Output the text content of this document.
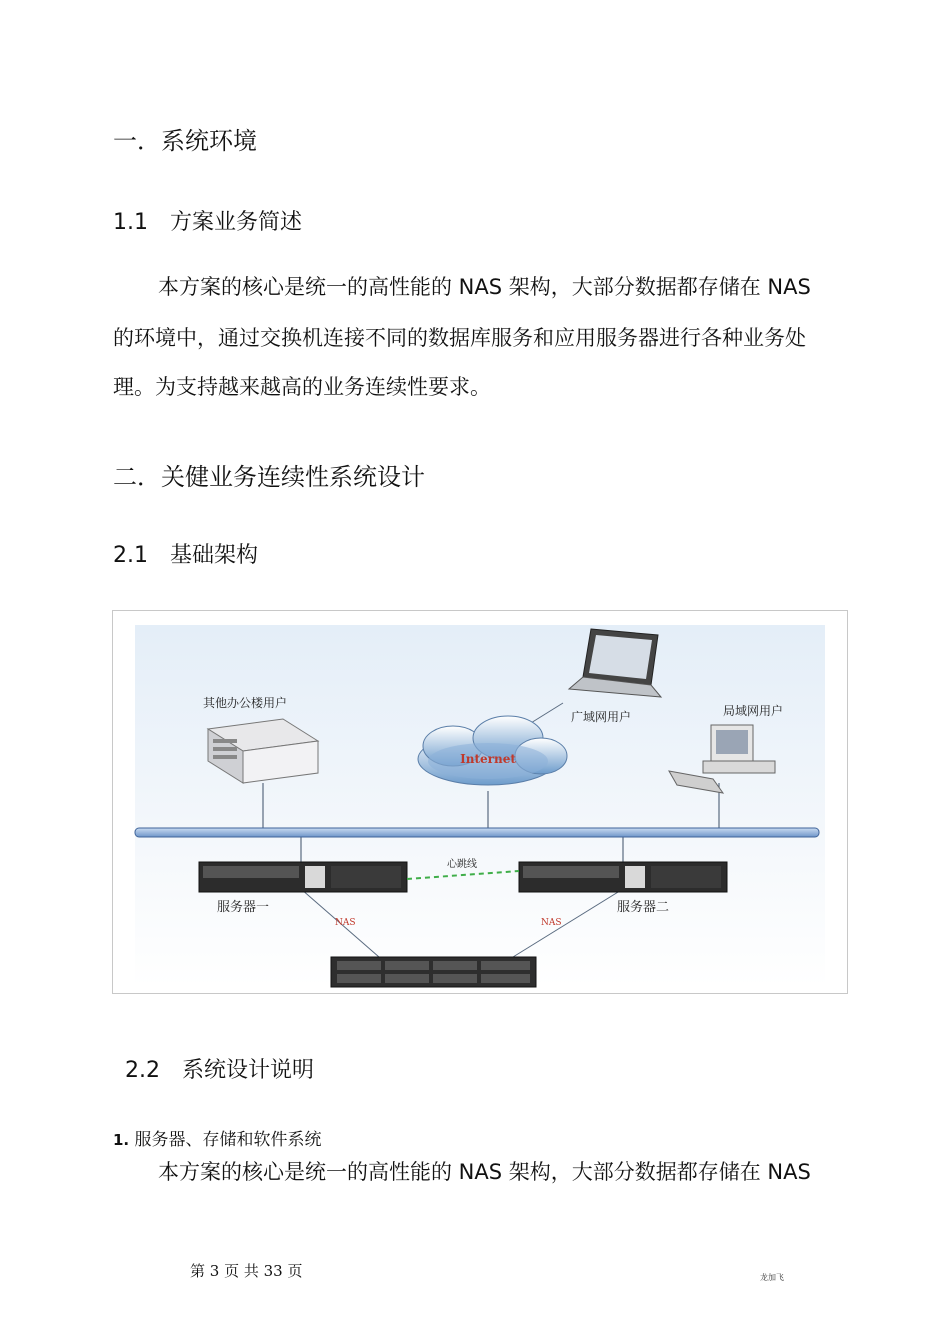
一．系统环境
1.1　方案业务简述
本方案的核心是统一的高性能的 NAS 架构，大部分数据都存储在 NAS
的环境中，通过交换机连接不同的数据库服务和应用服务器进行各种业务处
理。为支持越来越高的业务连续性要求。
二．关健业务连续性系统设计
2.1　基础架构
Internet
其他办公楼用户
广域网用户	局域网用户
心跳线
服务器一	服务器二
NAS	NAS
2.2　系统设计说明
1. 服务器、存储和软件系统
本方案的核心是统一的高性能的 NAS 架构，大部分数据都存储在 NAS
第 3 页 共 33 页	龙加飞
